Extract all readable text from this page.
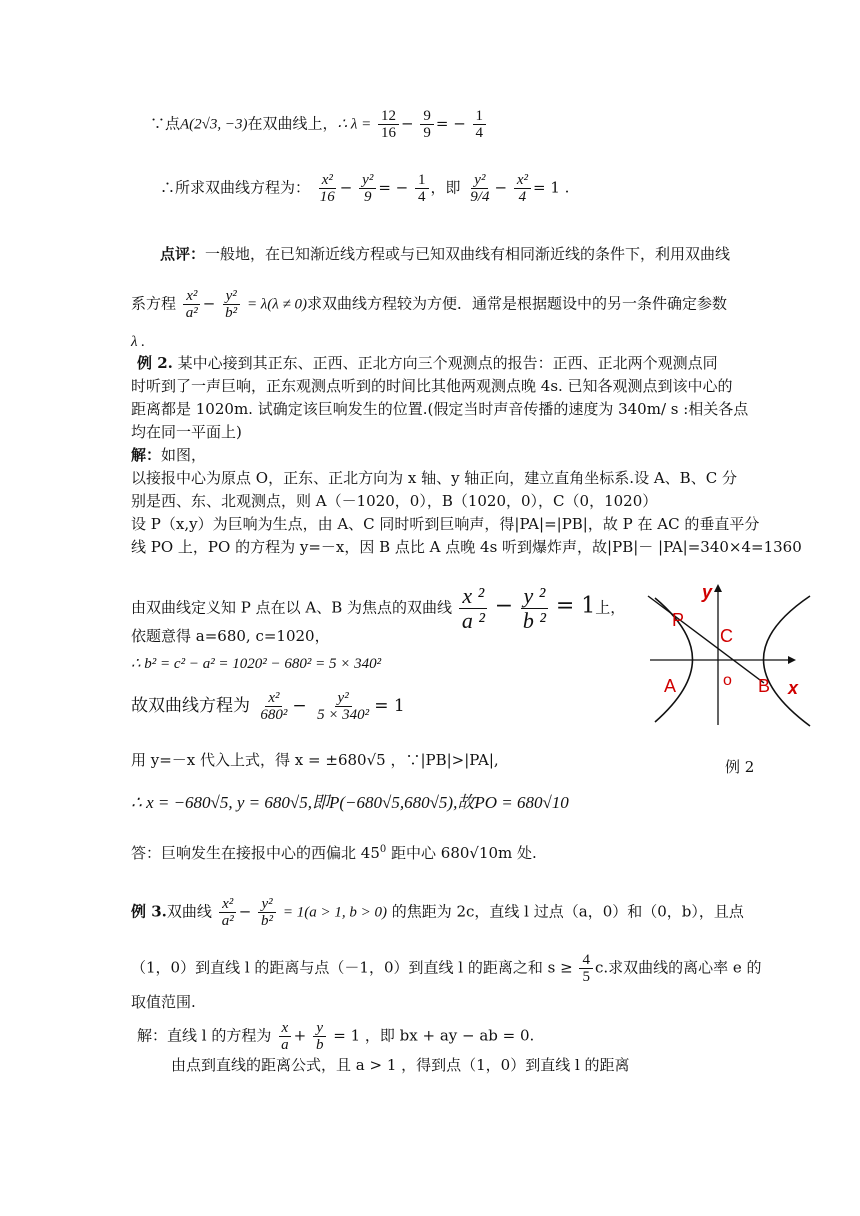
∵点A(2√3, −3)在双曲线上，∴ $\lambda = \frac{12}{16} - \frac{9}{9}$ = − $\frac{1}{4}$
∴所求双曲线方程为： $\frac{\text{x²}}{16} - \frac{\text{y²}}{9}$ = − $\frac{1}{4}$ ，即 $\frac{\text{y²}}{9/4} - \frac{\text{x²}}{4} = 1$ .
点评：一般地，在已知渐近线方程或与已知双曲线有相同渐近线的条件下，利用双曲线
系方程 $\frac{\text{x²}}{\text{a²}} - \frac{\text{y²}}{\text{b²}} = \lambda(\lambda \ne 0)$求双曲线方程较为方便．通常是根据题设中的另一条件确定参数
λ .
例 2. 某中心接到其正东、正西、正北方向三个观测点的报告：正西、正北两个观测点同
时听到了一声巨响，正东观测点听到的时间比其他两观测点晚 4s. 已知各观测点到该中心的
距离都是 1020m. 试确定该巨响发生的位置.(假定当时声音传播的速度为 340m/ s :相关各点
均在同一平面上)
解：如图，
以接报中心为原点 O，正东、正北方向为 x 轴、y 轴正向，建立直角坐标系.设 A、B、C 分
别是西、东、北观测点，则 A（－1020，0），B（1020，0），C（0，1020）
设 P（x,y）为巨响为生点，由 A、C 同时听到巨响声，得|PA|=|PB|，故 P 在 AC 的垂直平分
线 PO 上，PO 的方程为 y=－x，因 B 点比 A 点晚 4s 听到爆炸声，故|PB|－ |PA|=340×4=1360
由双曲线定义知 P 点在以 A、B 为焦点的双曲线 $\frac{\text{x ²}}{\text{a ²}} - \frac{\text{y ²}}{\text{b ²}} = 1$上，
依题意得 a=680, c=1020，
∴ b² = c² − a² = 1020² − 680² = 5 × 340²
故双曲线方程为 $\frac{\text{x²}}{\text{680²}} - \frac{\text{y²}}{\text{5 × 340²}} = 1$
用 y=－x 代入上式，得 x = ±680√5 ，∵|PB|>|PA|,
∴ x = −680√5, y = 680√5,即P(−680√5,680√5),故PO = 680√10
答：巨响发生在接报中心的西偏北 $45^0$ 距中心 680√10m 处.
P
C
A	o B x
y
例 2
例 3.双曲线 $\frac{\text{x²}}{\text{a²}} - \frac{\text{y²}}{\text{b²}} = 1(a > 1$, b > 0) 的焦距为 2c，直线 l 过点（a，0）和（0，b），且点
（1，0）到直线 l 的距离与点（－1，0）到直线 l 的距离之和 $s \ge \frac{4}{5} c$.求双曲线的离心率 e 的
取值范围.
解：直线 l 的方程为 $\frac{x}{a} + \frac{y}{b} = 1$ ，即 bx + ay − ab = 0.
由点到直线的距离公式，且 a > 1 ，得到点（1，0）到直线 l 的距离
